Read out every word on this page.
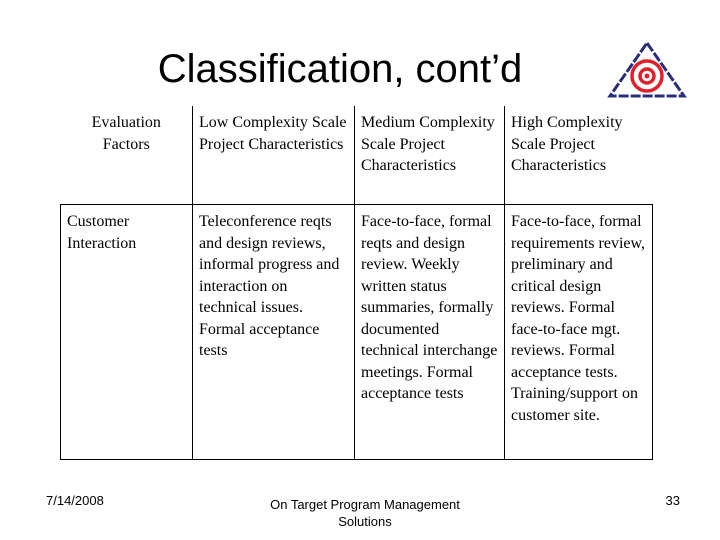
Classification, cont’d
Evaluation Factors	Low Complexity Scale Project Characteristics	Medium Complexity Scale Project Characteristics	High Complexity Scale Project Characteristics
Customer Interaction	Teleconference reqts and design reviews, informal progress and interaction on technical issues. Formal acceptance tests	Face-to-face, formal reqts and design review. Weekly written status summaries, formally documented technical interchange meetings. Formal acceptance tests	Face-to-face, formal requirements review, preliminary and critical design reviews. Formal face-to-face mgt. reviews. Formal acceptance tests. Training/support on customer site.
7/14/2008	On Target Program Management Solutions
33
